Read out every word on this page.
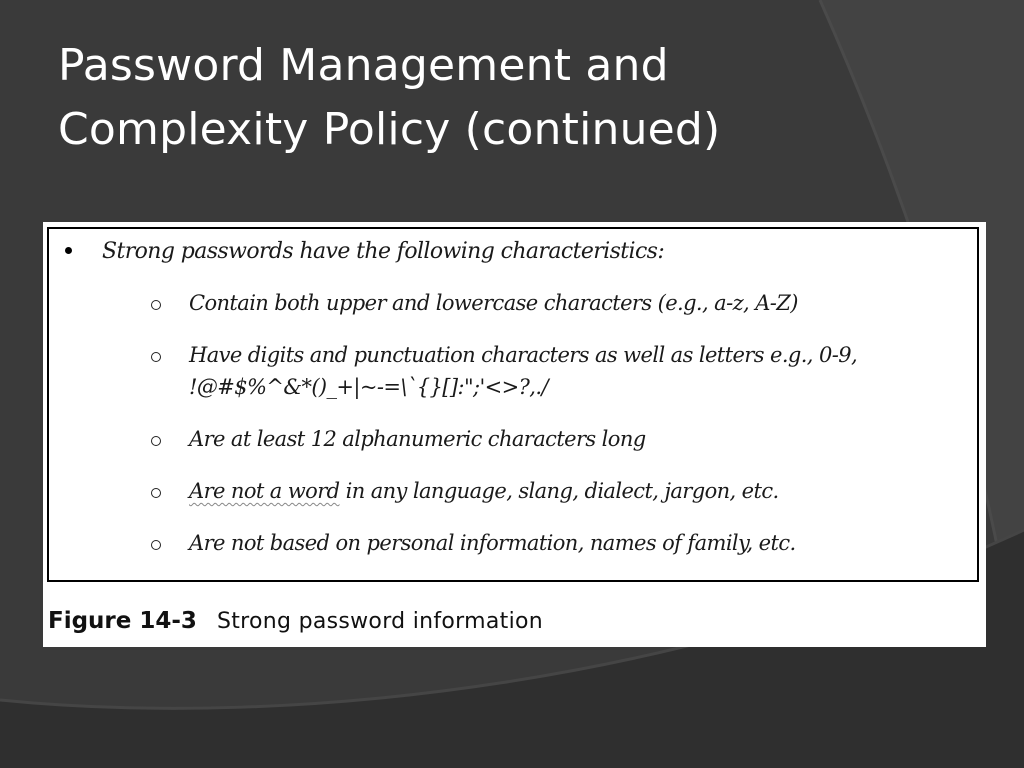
Password Management and
Complexity Policy (continued)
Strong passwords have the following characteristics:
Contain both upper and lowercase characters (e.g., a-z, A-Z)
Have digits and punctuation characters as well as letters e.g., 0-9, !@#$%^&*()_+|~-=\`{}[]:";'<>?,./
Are at least 12 alphanumeric characters long
Are not a word in any language, slang, dialect, jargon, etc.
Are not based on personal information, names of family, etc.
Figure 14-3 Strong password information
